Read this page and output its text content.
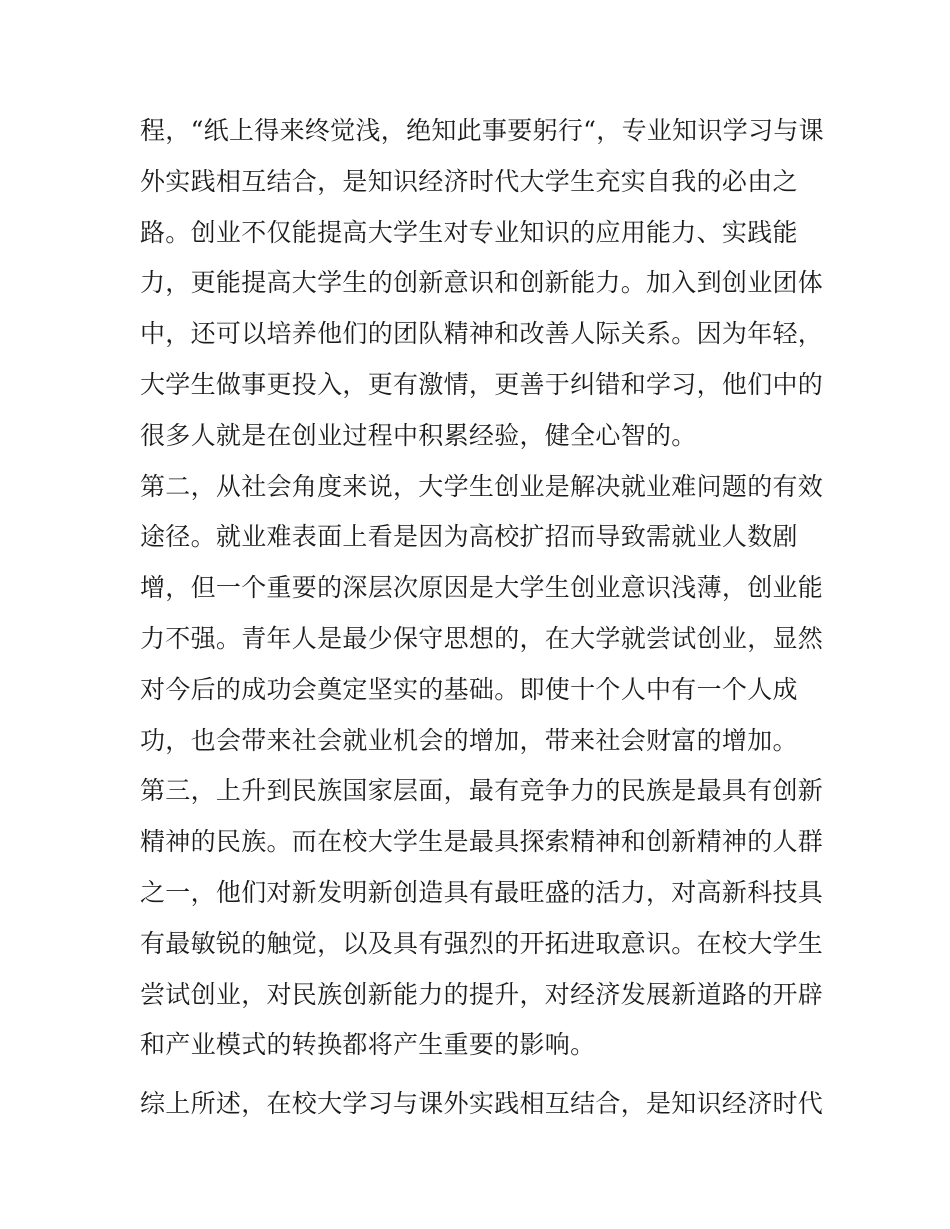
程，“纸上得来终觉浅，绝知此事要躬行“，专业知识学习与课
外实践相互结合，是知识经济时代大学生充实自我的必由之
路。创业不仅能提高大学生对专业知识的应用能力、实践能
力，更能提高大学生的创新意识和创新能力。加入到创业团体
中，还可以培养他们的团队精神和改善人际关系。因为年轻，
大学生做事更投入，更有激情，更善于纠错和学习，他们中的
很多人就是在创业过程中积累经验，健全心智的。
第二，从社会角度来说，大学生创业是解决就业难问题的有效
途径。就业难表面上看是因为高校扩招而导致需就业人数剧
增，但一个重要的深层次原因是大学生创业意识浅薄，创业能
力不强。青年人是最少保守思想的，在大学就尝试创业，显然
对今后的成功会奠定坚实的基础。即使十个人中有一个人成
功，也会带来社会就业机会的增加，带来社会财富的增加。
第三，上升到民族国家层面，最有竞争力的民族是最具有创新
精神的民族。而在校大学生是最具探索精神和创新精神的人群
之一，他们对新发明新创造具有最旺盛的活力，对高新科技具
有最敏锐的触觉，以及具有强烈的开拓进取意识。在校大学生
尝试创业，对民族创新能力的提升，对经济发展新道路的开辟
和产业模式的转换都将产生重要的影响。
综上所述，在校大学习与课外实践相互结合，是知识经济时代
